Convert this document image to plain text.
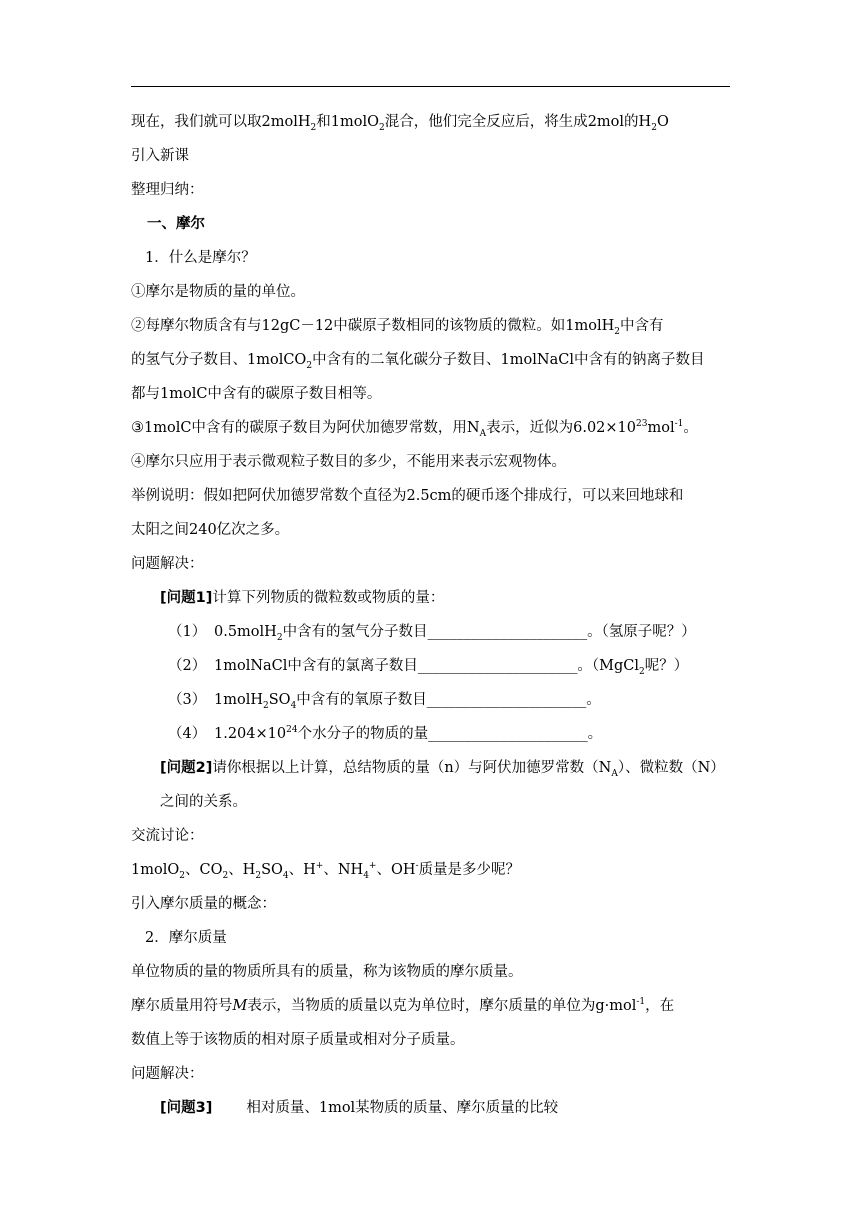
现在，我们就可以取2molH$_2$和1molO$_2$混合，他们完全反应后，将生成2mol的$H_2O$
引入新课
整理归纳：
一、摩尔
1．什么是摩尔？
①摩尔是物质的量的单位。
②每摩尔物质含有与12gC－12中碳原子数相同的该物质的微粒。如1molH$_2$中含有
的氢气分子数目、1molCO$_2$中含有的二氧化碳分子数目、1molNaCl中含有的钠离子数目
都与1molC中含有的碳原子数目相等。
③1molC中含有的碳原子数目为阿伏加德罗常数，用$N_A$表示，近似为$6.02\times 10^{23}mol^{-1}$。
④摩尔只应用于表示微观粒子数目的多少，不能用来表示宏观物体。
举例说明：假如把阿伏加德罗常数个直径为2.5cm的硬币逐个排成行，可以来回地球和
太阳之间240亿次之多。
问题解决：
[问题1]计算下列物质的微粒数或物质的量：
（1） 0.5molH$_2$中含有的氢气分子数目______________________。（氢原子呢？）
（2） 1molNaCl中含有的氯离子数目______________________。（MgCl$_2$呢？）
（3） $1molH_2SO_4$中含有的氧原子数目______________________。
（4） $1.204\times 10^{24}$个水分子的物质的量______________________。
[问题2]请你根据以上计算，总结物质的量（n）与阿伏加德罗常数$(N_A)$、微粒数（N）
之间的关系。
交流讨论：
1molO$_2$、$CO_2$、$H_2SO_4$、H+、$NH_4^+$、OH-质量是多少呢？
引入摩尔质量的概念：
2．摩尔质量
单位物质的量的物质所具有的质量，称为该物质的摩尔质量。
摩尔质量用符号M表示，当物质的质量以克为单位时，摩尔质量的单位为g·mol$^{-1}$，在
数值上等于该物质的相对原子质量或相对分子质量。
问题解决：
[问题3] 相对质量、1mol某物质的质量、摩尔质量的比较
